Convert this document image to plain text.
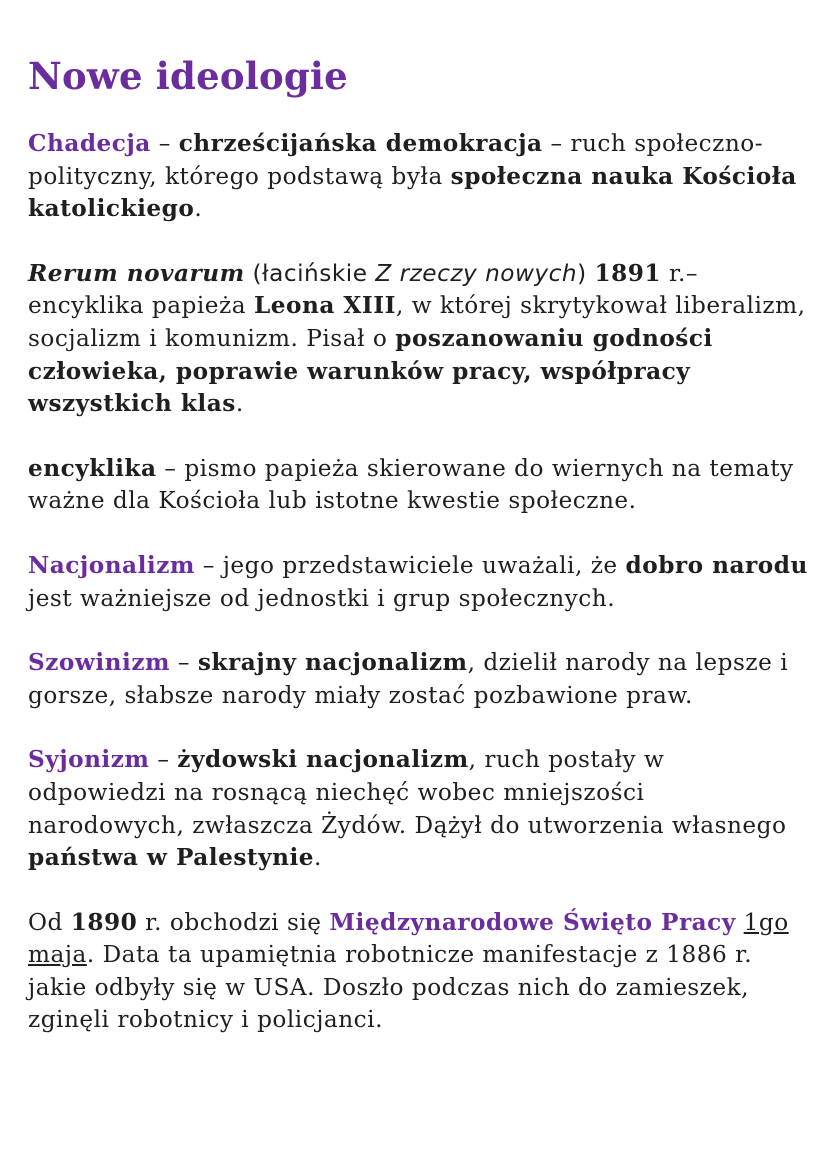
Nowe ideologie

Chadecja – chrześcijańska demokracja – ruch społeczno-polityczny, którego podstawą była społeczna nauka Kościoła katolickiego.

Rerum novarum (łacińskie Z rzeczy nowych) 1891 r.– encyklika papieża Leona XIII, w której skrytykował liberalizm, socjalizm i komunizm. Pisał o poszanowaniu godności człowieka, poprawie warunków pracy, współpracy wszystkich klas.

encyklika – pismo papieża skierowane do wiernych na tematy ważne dla Kościoła lub istotne kwestie społeczne.

Nacjonalizm – jego przedstawiciele uważali, że dobro narodu jest ważniejsze od jednostki i grup społecznych.

Szowinizm – skrajny nacjonalizm, dzielił narody na lepsze i gorsze, słabsze narody miały zostać pozbawione praw.

Syjonizm – żydowski nacjonalizm, ruch postały w odpowiedzi na rosnącą niechęć wobec mniejszości narodowych, zwłaszcza Żydów. Dążył do utworzenia własnego państwa w Palestynie.

Od 1890 r. obchodzi się Międzynarodowe Święto Pracy 1go maja. Data ta upamiętnia robotnicze manifestacje z 1886 r. jakie odbyły się w USA. Doszło podczas nich do zamieszek, zginęli robotnicy i policjanci.
